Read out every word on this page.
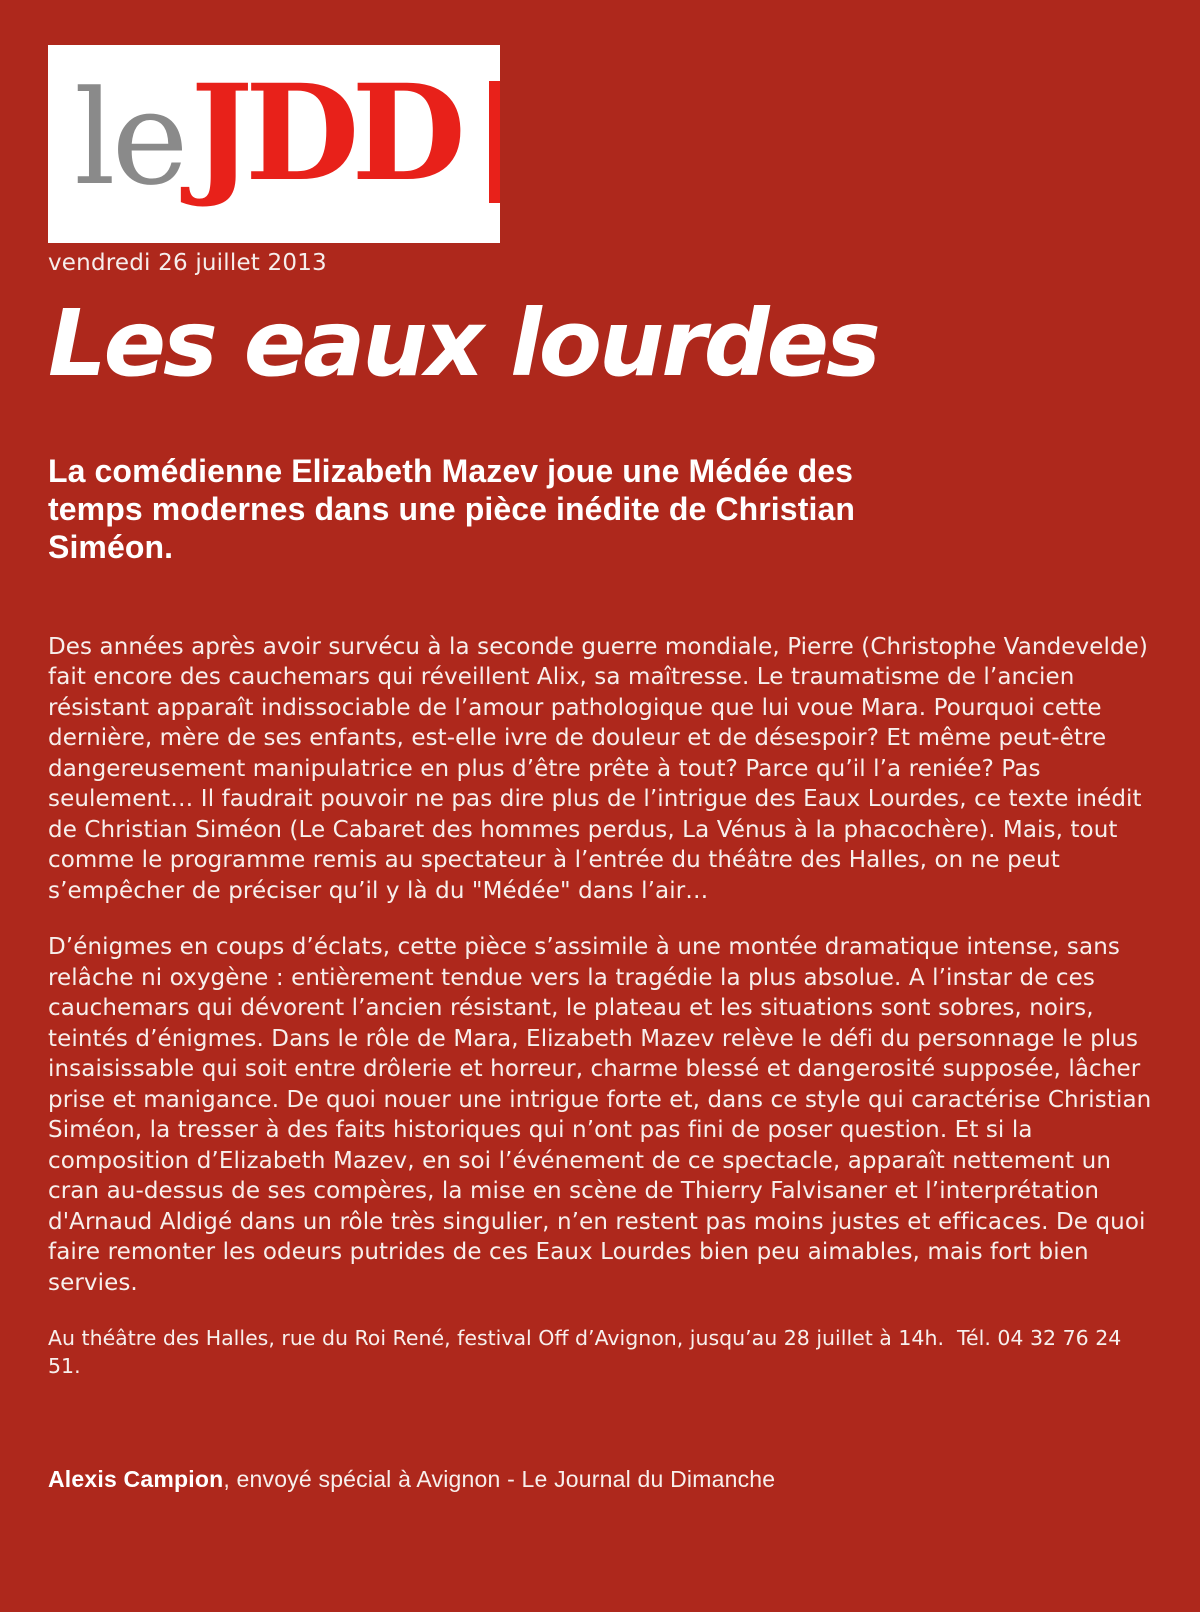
le JDD
vendredi 26 juillet 2013
Les eaux lourdes
La comédienne Elizabeth Mazev joue une Médée des
temps modernes dans une pièce inédite de Christian
Siméon.

Des années après avoir survécu à la seconde guerre mondiale, Pierre (Christophe Vandevelde) fait encore des cauchemars qui réveillent Alix, sa maîtresse. Le traumatisme de l’ancien résistant apparaît indissociable de l’amour pathologique que lui voue Mara. Pourquoi cette dernière, mère de ses enfants, est-elle ivre de douleur et de désespoir? Et même peut-être dangereusement manipulatrice en plus d’être prête à tout? Parce qu’il l’a reniée? Pas seulement… Il faudrait pouvoir ne pas dire plus de l’intrigue des Eaux Lourdes, ce texte inédit de Christian Siméon (Le Cabaret des hommes perdus, La Vénus à la phacochère). Mais, tout comme le programme remis au spectateur à l’entrée du théâtre des Halles, on ne peut s’empêcher de préciser qu’il y là du "Médée" dans l’air…

D’énigmes en coups d’éclats, cette pièce s’assimile à une montée dramatique intense, sans relâche ni oxygène : entièrement tendue vers la tragédie la plus absolue. A l’instar de ces cauchemars qui dévorent l’ancien résistant, le plateau et les situations sont sobres, noirs, teintés d’énigmes. Dans le rôle de Mara, Elizabeth Mazev relève le défi du personnage le plus insaisissable qui soit entre drôlerie et horreur, charme blessé et dangerosité supposée, lâcher prise et manigance. De quoi nouer une intrigue forte et, dans ce style qui caractérise Christian Siméon, la tresser à des faits historiques qui n’ont pas fini de poser question. Et si la composition d’Elizabeth Mazev, en soi l’événement de ce spectacle, apparaît nettement un cran au-dessus de ses compères, la mise en scène de Thierry Falvisaner et l’interprétation d'Arnaud Aldigé dans un rôle très singulier, n’en restent pas moins justes et efficaces. De quoi faire remonter les odeurs putrides de ces Eaux Lourdes bien peu aimables, mais fort bien servies.

Au théâtre des Halles, rue du Roi René, festival Off d’Avignon, jusqu’au 28 juillet à 14h.  Tél. 04 32 76 24 51.
Alexis Campion, envoyé spécial à Avignon - Le Journal du Dimanche
